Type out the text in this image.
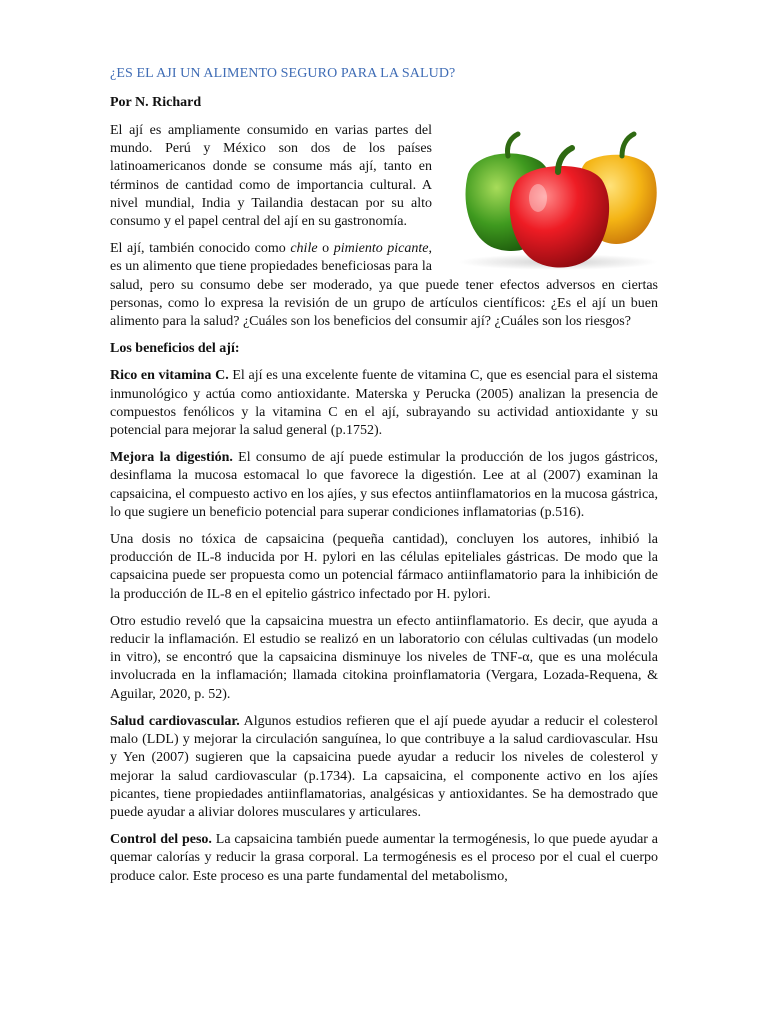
¿ES EL AJI UN ALIMENTO SEGURO PARA LA SALUD?
Por N. Richard

El ají es ampliamente consumido en varias partes del mundo. Perú y México son dos de los países latinoamericanos donde se consume más ají, tanto en términos de cantidad como de importancia cultural. A nivel mundial, India y Tailandia destacan por su alto consumo y el papel central del ají en su gastronomía.

El ají, también conocido como chile o pimiento picante, es un alimento que tiene propiedades beneficiosas para la salud, pero su consumo debe ser moderado, ya que puede tener efectos adversos en ciertas personas, como lo expresa la revisión de un grupo de artículos científicos: ¿Es el ají un buen alimento para la salud? ¿Cuáles son los beneficios del consumir ají? ¿Cuáles son los riesgos?

Los beneficios del ají:

Rico en vitamina C. El ají es una excelente fuente de vitamina C, que es esencial para el sistema inmunológico y actúa como antioxidante. Materska y Perucka (2005) analizan la presencia de compuestos fenólicos y la vitamina C en el ají, subrayando su actividad antioxidante y su potencial para mejorar la salud general (p.1752).

Mejora la digestión. El consumo de ají puede estimular la producción de los jugos gástricos, desinflama la mucosa estomacal lo que favorece la digestión. Lee at al (2007) examinan la capsaicina, el compuesto activo en los ajíes, y sus efectos antiinflamatorios en la mucosa gástrica, lo que sugiere un beneficio potencial para superar condiciones inflamatorias (p.516).

Una dosis no tóxica de capsaicina (pequeña cantidad), concluyen los autores, inhibió la producción de IL-8 inducida por H. pylori en las células epiteliales gástricas. De modo que la capsaicina puede ser propuesta como un potencial fármaco antiinflamatorio para la inhibición de la producción de IL-8 en el epitelio gástrico infectado por H. pylori.

Otro estudio reveló que la capsaicina muestra un efecto antiinflamatorio. Es decir, que ayuda a reducir la inflamación. El estudio se realizó en un laboratorio con células cultivadas (un modelo in vitro), se encontró que la capsaicina disminuye los niveles de TNF-α, que es una molécula involucrada en la inflamación; llamada citokina proinflamatoria (Vergara, Lozada-Requena, & Aguilar, 2020, p. 52).

Salud cardiovascular. Algunos estudios refieren que el ají puede ayudar a reducir el colesterol malo (LDL) y mejorar la circulación sanguínea, lo que contribuye a la salud cardiovascular. Hsu y Yen (2007) sugieren que la capsaicina puede ayudar a reducir los niveles de colesterol y mejorar la salud cardiovascular (p.1734). La capsaicina, el componente activo en los ajíes picantes, tiene propiedades antiinflamatorias, analgésicas y antioxidantes. Se ha demostrado que puede ayudar a aliviar dolores musculares y articulares.

Control del peso. La capsaicina también puede aumentar la termogénesis, lo que puede ayudar a quemar calorías y reducir la grasa corporal. La termogénesis es el proceso por el cual el cuerpo produce calor. Este proceso es una parte fundamental del metabolismo,
